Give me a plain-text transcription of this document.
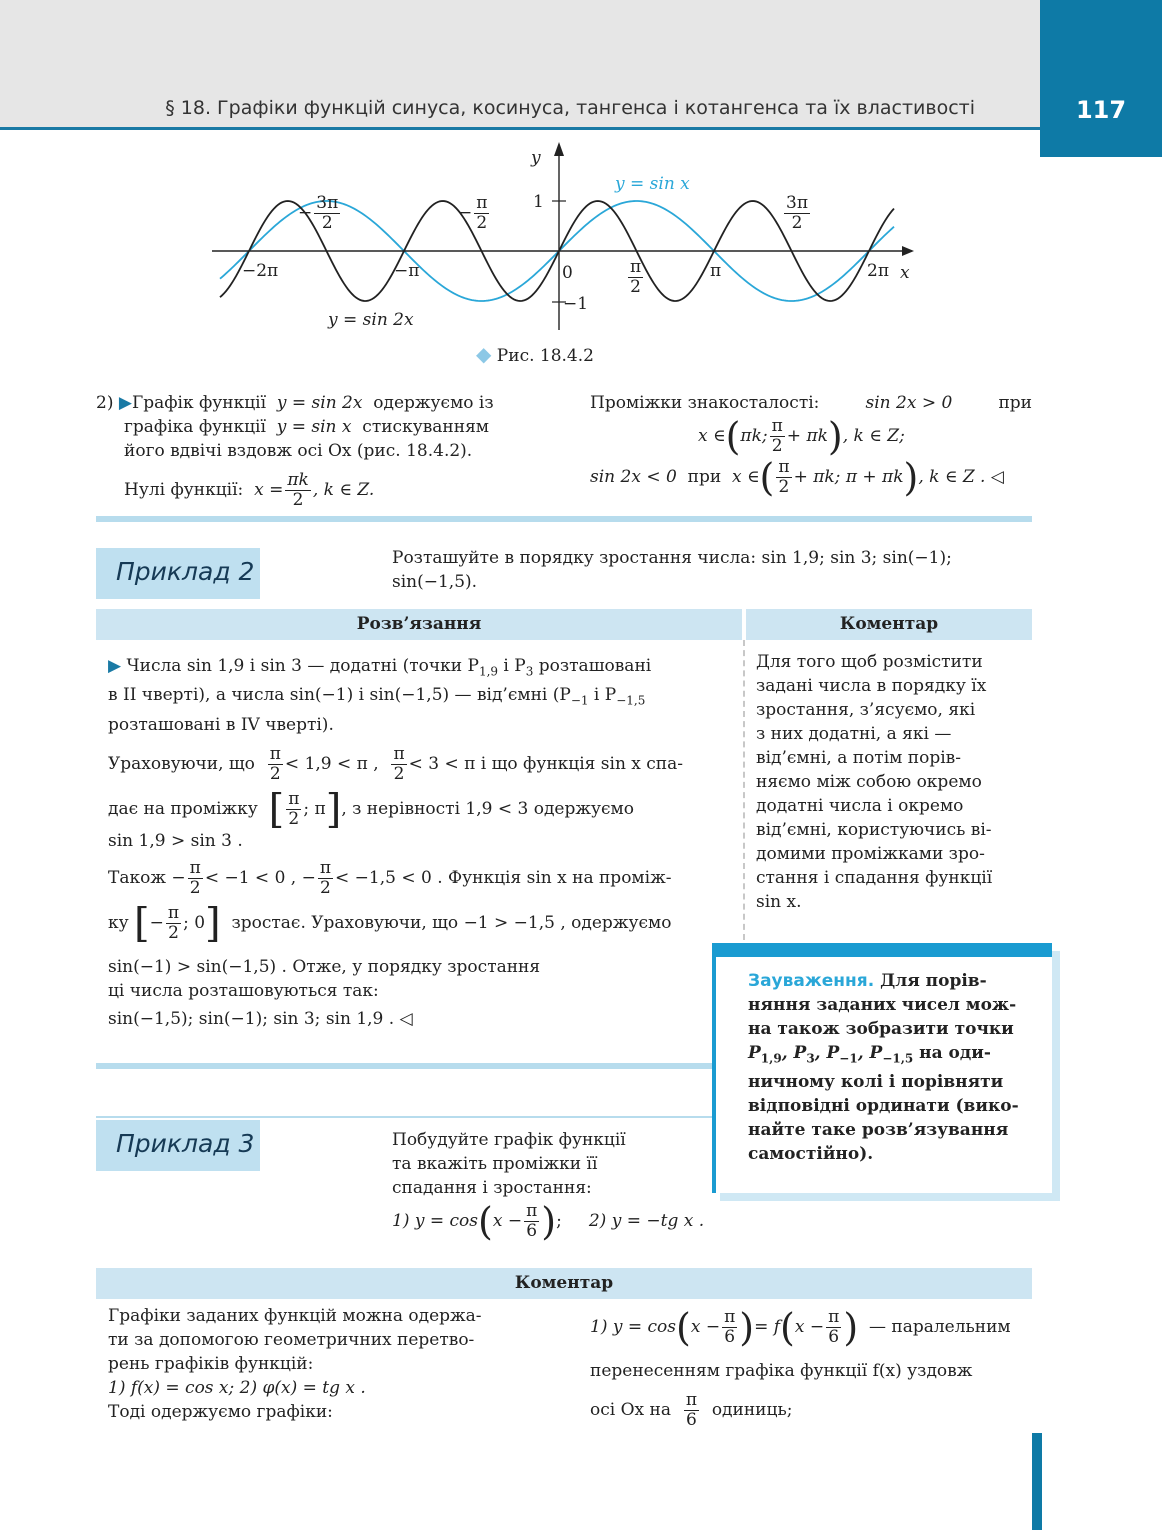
§ 18. Графіки функцій синуса, косинуса, тангенса і котангенса та їх властивості	117
y
x
1
−1
0
−2π	−π	π	2π
− $\frac{3\pi}{2}$	− $\frac{\pi}{2}$
$\frac{\pi}{2}$
$\frac{3\pi}{2}$
y = sin x
y = sin 2x
◆ Рис. 18.4.2
2) ▶Графік функції y = sin 2x одержуємо із
графіка функції y = sin x стискуванням
його вдвічі вздовж осі Ox (рис. 18.4.2).
Нулі функції: $x = \frac{\pi k}{2}$ , k ∈ Z.
Проміжки знакосталості:	sin 2x > 0	при
x ∈(πk; $\frac{\pi}{2} + \pi k$), k ∈ Z;
sin 2x < 0 при x ∈( $\frac{\pi}{2} + \pi k$; π + πk), k ∈ Z . ◁
Приклад 2	Розташуйте в порядку зростання числа: sin 1,9; sin 3; sin(−1);
sin(−1,5).
Розв’язання	Коментар
▶ Числа sin 1,9 і sin 3 — додатні (точки $P_{1,9}$ і $P_3$ розташовані
в II чверті), а числа sin(−1) і sin(−1,5) — від’ємні ($P_{-1}$ і $P_{-1,5}$
розташовані в IV чверті).
Ураховуючи, що $\frac{\pi}{2} < 1,9 < \pi$ , $\frac{\pi}{2} < 3 < \pi$ і що функція sin x спа-
дає на проміжку [ $\frac{\pi}{2}$ ; π], з нерівності 1,9 < 3 одержуємо
sin 1,9 > sin 3 .
Також − $\frac{\pi}{2} < -1 < 0$ , − $\frac{\pi}{2} < -1,5 < 0$ . Функція sin x на проміж-
ку [− $\frac{\pi}{2}$ ; 0] зростає. Ураховуючи, що −1 > −1,5 , одержуємо
sin(−1) > sin(−1,5) . Отже, у порядку зростання
ці числа розташовуються так:
sin(−1,5); sin(−1); sin 3; sin 1,9 . ◁
Для того щоб розмістити
задані числа в порядку їх
зростання, з’ясуємо, які
з них додатні, а які —
від’ємні, а потім порів-
няємо між собою окремо
додатні числа і окремо
від’ємні, користуючись ві-
домими проміжками зро-
стання і спадання функції
sin x.
Зауваження. Для порів-
няння заданих чисел мож-
на також зобразити точки
$P_{1,9}$, $P_3$, $P_{-1}$, $P_{-1,5}$ на оди-
ничному колі і порівняти
відповідні ординати (вико-
найте таке розв’язування
самостійно).
Приклад 3	Побудуйте графік функції
та вкажіть проміжки її
спадання і зростання:
1) $y = \cos(x - \frac{\pi}{6}$ ); 2) y = −tg x .
Коментар
Графіки заданих функцій можна одержа-
ти за допомогою геометричних перетво-
рень графіків функцій:
1) f(x) = cos x; 2) φ(x) = tg x .
Тоді одержуємо графіки:
1) $y = \cos(x - \frac{\pi}{6}$ )= $f(x - \frac{\pi}{6}$ ) — паралельним
перенесенням графіка функції f(x) уздовж
осі Ox на $\frac{\pi}{6}$ одиниць;
